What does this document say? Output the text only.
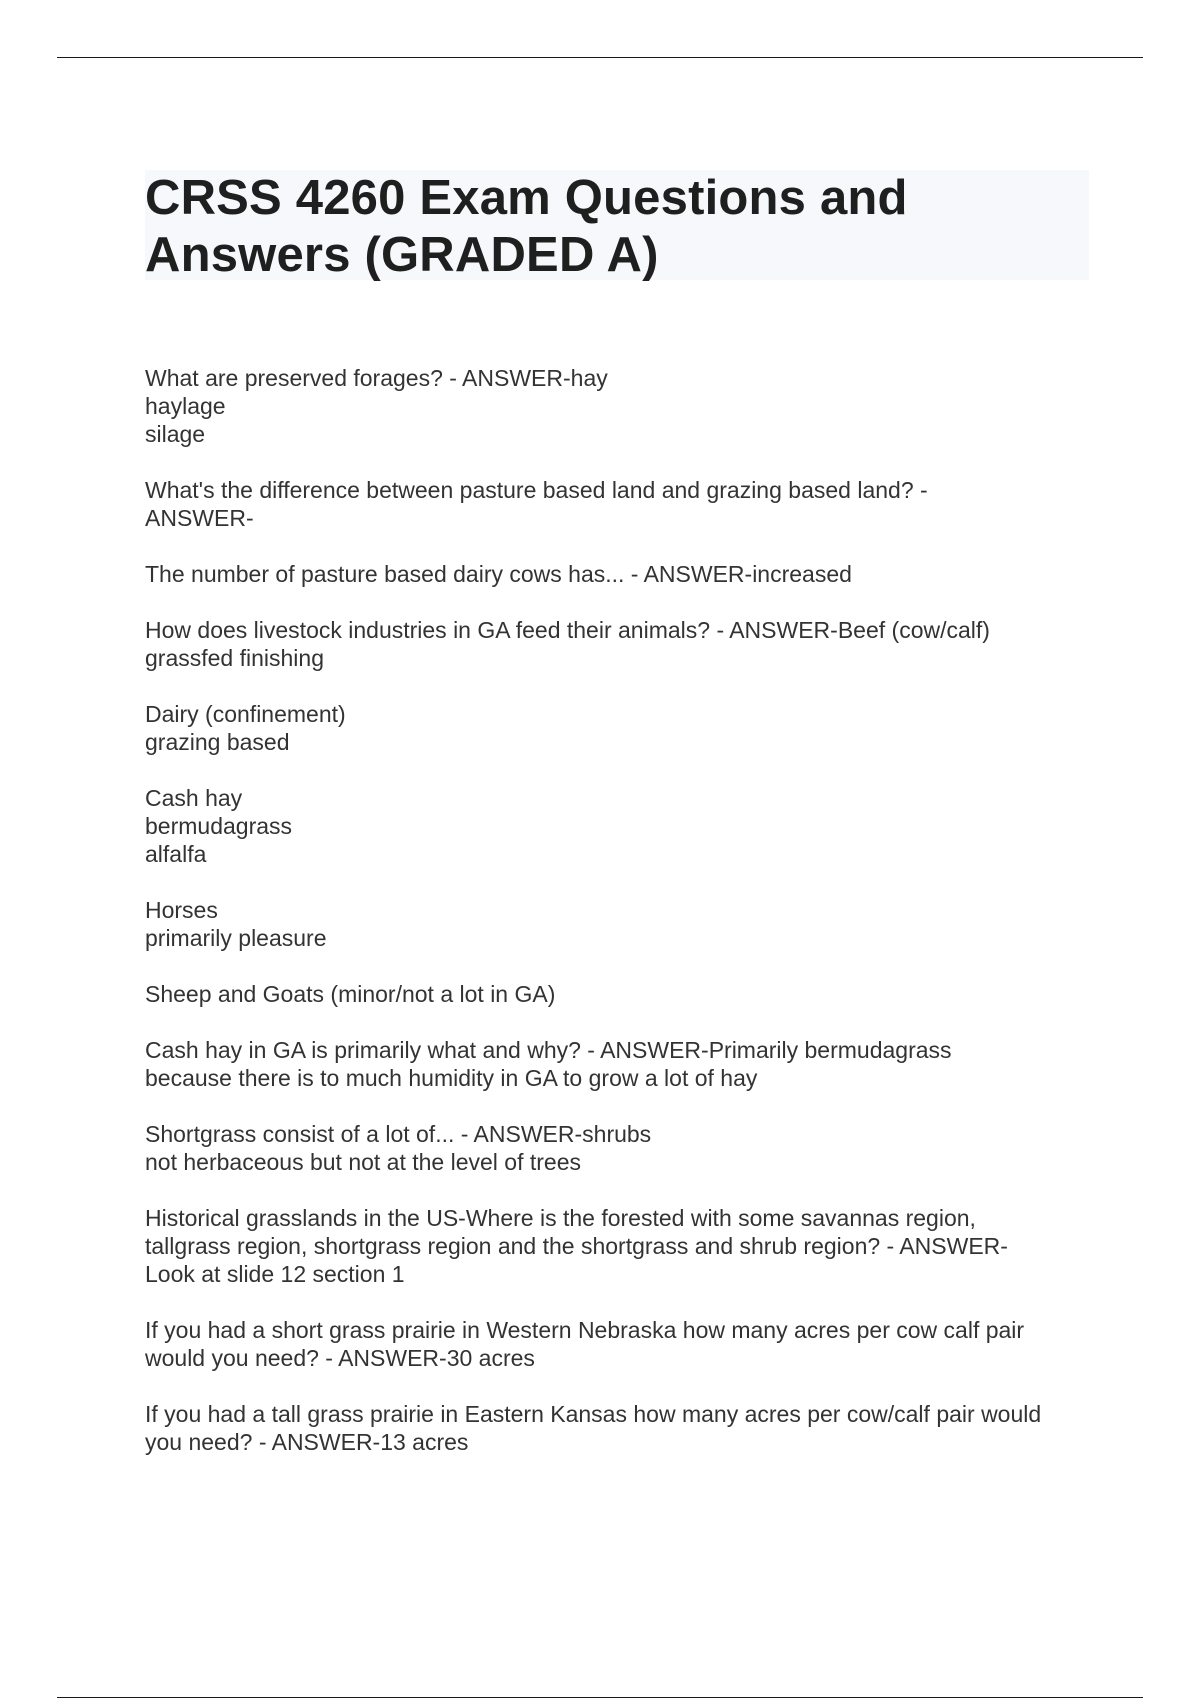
CRSS 4260 Exam Questions and Answers (GRADED A)

What are preserved forages? - ANSWER-hay
haylage
silage

What's the difference between pasture based land and grazing based land? -
ANSWER-

The number of pasture based dairy cows has... - ANSWER-increased

How does livestock industries in GA feed their animals? - ANSWER-Beef (cow/calf)
grassfed finishing

Dairy (confinement)
grazing based

Cash hay
bermudagrass
alfalfa

Horses
primarily pleasure

Sheep and Goats (minor/not a lot in GA)

Cash hay in GA is primarily what and why? - ANSWER-Primarily bermudagrass
because there is to much humidity in GA to grow a lot of hay

Shortgrass consist of a lot of... - ANSWER-shrubs
not herbaceous but not at the level of trees

Historical grasslands in the US-Where is the forested with some savannas region,
tallgrass region, shortgrass region and the shortgrass and shrub region? - ANSWER-
Look at slide 12 section 1

If you had a short grass prairie in Western Nebraska how many acres per cow calf pair
would you need? - ANSWER-30 acres

If you had a tall grass prairie in Eastern Kansas how many acres per cow/calf pair would
you need? - ANSWER-13 acres
